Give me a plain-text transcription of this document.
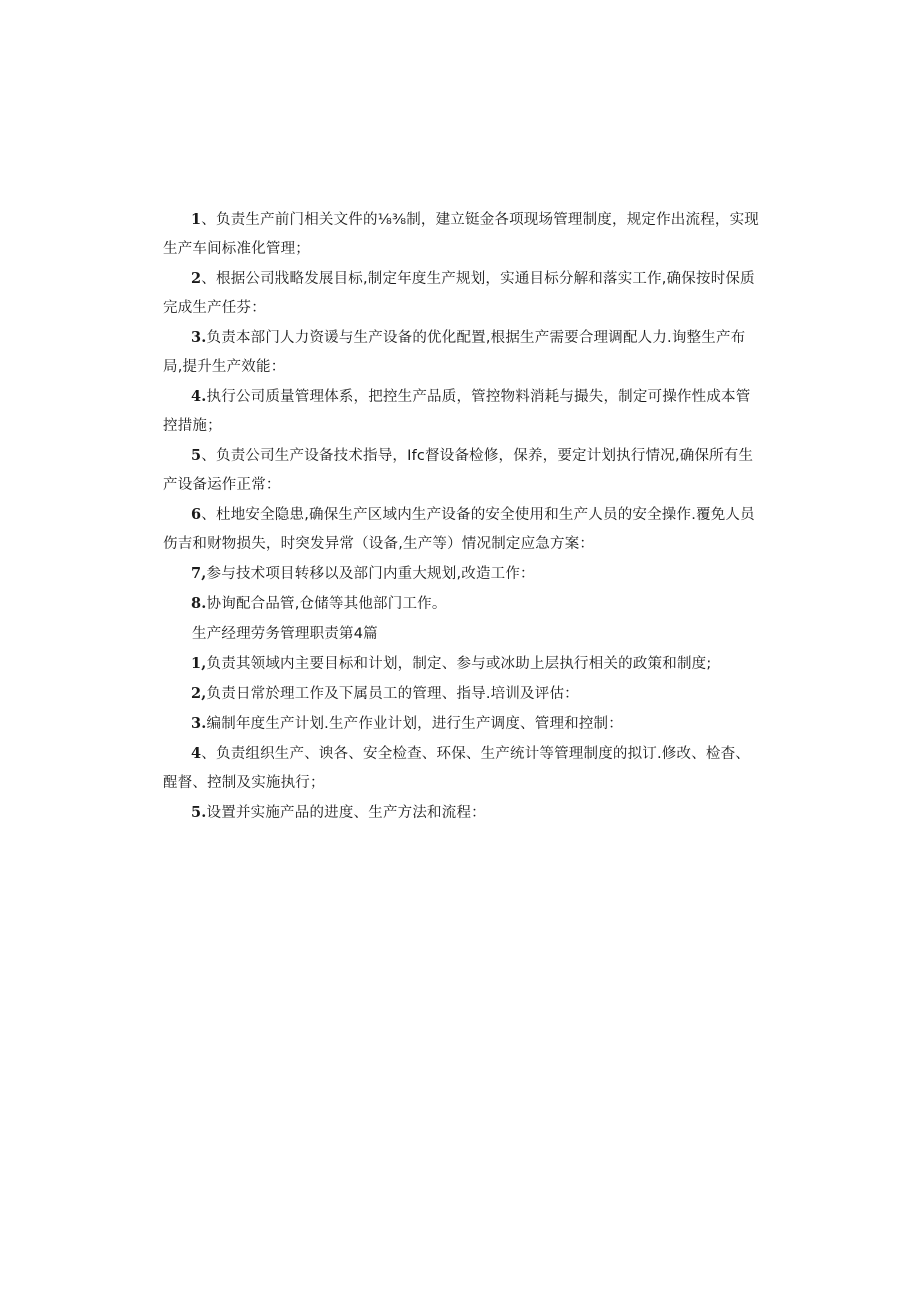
1、负责生产前门相关文件的⅛⅜制，建立铤金各项现场管理制度，规定作出流程，实现生产车间标准化管理；

2、根据公司戕略发展目标,制定年度生产规划，实通目标分解和落实工作,确保按时保质完成生产任芬：

3.负责本部门人力资谖与生产设备的优化配置,根据生产需要合理调配人力.询整生产布局,提升生产效能：

4.执行公司质量管理体系，把控生产品质，管控物料消耗与撮失，制定可操作性成本管控措施；

5、负责公司生产设备技术指导，Ifc督设备检修，保养，要定计划执行情况,确保所有生产设备运作正常：

6、杜地安全隐患,确保生产区域内生产设备的安全使用和生产人员的安全操作.覆免人员伤吉和财物损失，时突发异常（设备,生产等）情况制定应急方案：

7,参与技术项目转移以及部门内重大规划,改造工作：

8.协询配合品管,仓储等其他部门工作。

生产经理劳务管理职责第4篇

1,负责其领域内主要目标和计划，制定、参与或冰助上层执行相关的政策和制度;

2,负责日常於理工作及下属员工的管理、指导.培训及评估：

3.编制年度生产计划.生产作业计划，进行生产调度、管理和控制：

4、负责组织生产、谀各、安全检查、环保、生产统计等管理制度的拟订.修改、检杳、酲督、控制及实施执行；

5.设置并实施产品的进度、生产方法和流程：
